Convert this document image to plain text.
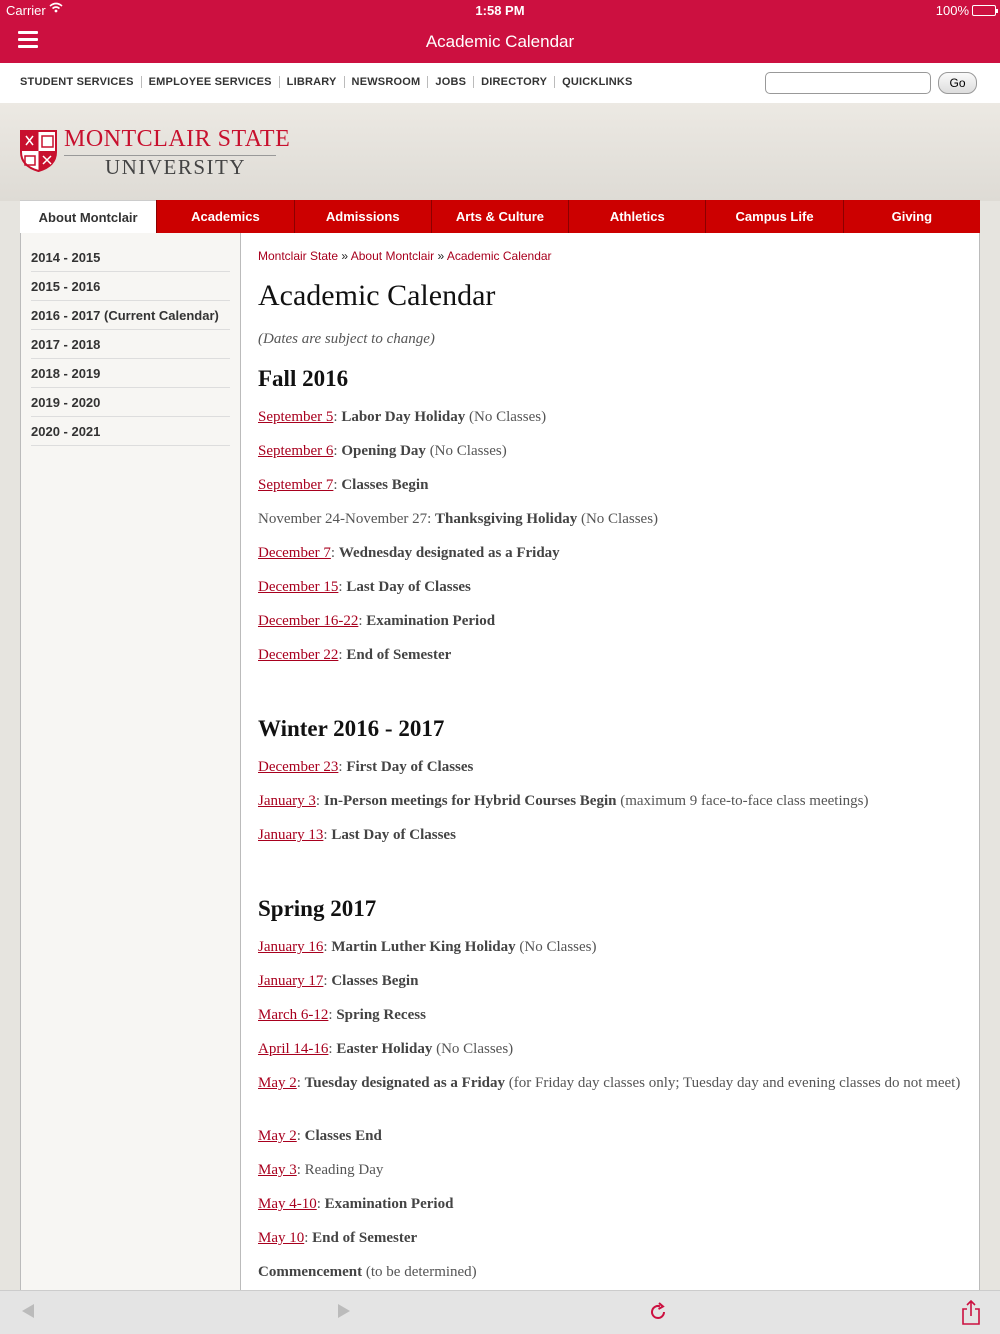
Carrier	1:58 PM	100%
Academic Calendar
STUDENT SERVICES	EMPLOYEE SERVICES	LIBRARY	NEWSROOM	JOBS	DIRECTORY	QUICKLINKS	Go
MONTCLAIR STATE
UNIVERSITY
About Montclair	Academics	Admissions	Arts & Culture	Athletics	Campus Life	Giving
2014 - 2015
2015 - 2016
2016 - 2017 (Current Calendar)
2017 - 2018
2018 - 2019
2019 - 2020
2020 - 2021
Montclair State » About Montclair » Academic Calendar
Academic Calendar
(Dates are subject to change)
Fall 2016
September 5: Labor Day Holiday (No Classes)
September 6: Opening Day (No Classes)
September 7: Classes Begin
November 24-November 27: Thanksgiving Holiday (No Classes)
December 7: Wednesday designated as a Friday
December 15: Last Day of Classes
December 16-22: Examination Period
December 22: End of Semester
Winter 2016 - 2017
December 23: First Day of Classes
January 3: In-Person meetings for Hybrid Courses Begin (maximum 9 face-to-face class meetings)
January 13: Last Day of Classes
Spring 2017
January 16: Martin Luther King Holiday (No Classes)
January 17: Classes Begin
March 6-12: Spring Recess
April 14-16: Easter Holiday (No Classes)
May 2: Tuesday designated as a Friday (for Friday day classes only; Tuesday day and evening classes do not meet)
May 2: Classes End
May 3: Reading Day
May 4-10: Examination Period
May 10: End of Semester
Commencement (to be determined)
